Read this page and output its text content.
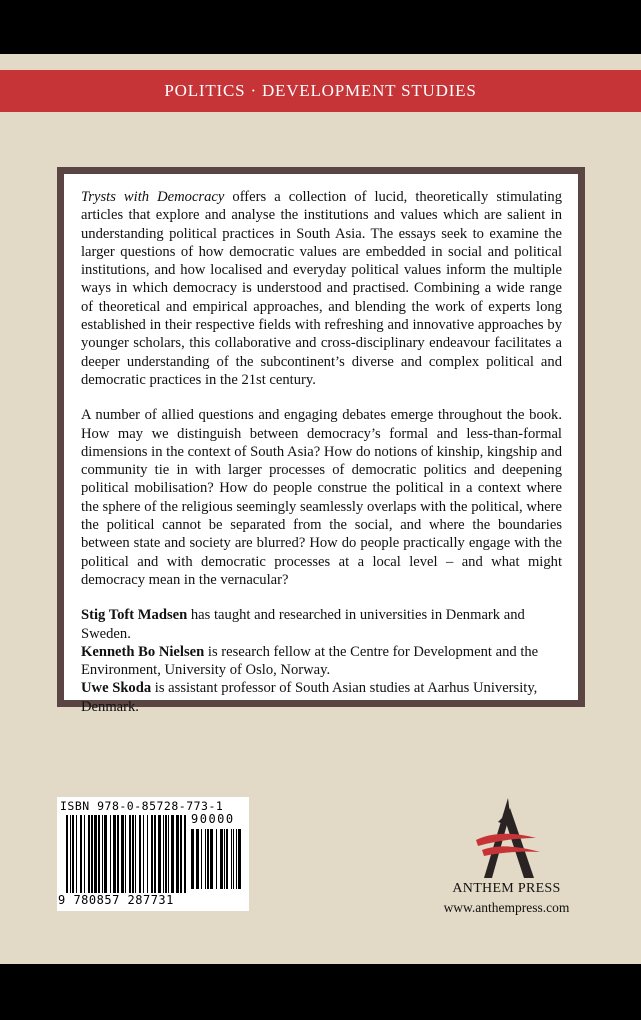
POLITICS · DEVELOPMENT STUDIES

Trysts with Democracy offers a collection of lucid, theoretically stimulating articles that explore and analyse the institutions and values which are salient in understanding political practices in South Asia. The essays seek to examine the larger questions of how democratic values are embedded in social and political institutions, and how localised and everyday political values inform the multiple ways in which democracy is understood and practised. Combining a wide range of theoretical and empirical approaches, and blending the work of experts long established in their respective fields with refreshing and innovative approaches by younger scholars, this collaborative and cross-disciplinary endeavour facilitates a deeper understanding of the subcontinent’s diverse and complex political and democratic practices in the 21st century.

A number of allied questions and engaging debates emerge throughout the book. How may we distinguish between democracy’s formal and less-than-formal dimensions in the context of South Asia? How do notions of kinship, kingship and community tie in with larger processes of democratic politics and deepening political mobilisation? How do people construe the political in a context where the sphere of the religious seemingly seamlessly overlaps with the political, where the political cannot be separated from the social, and where the boundaries between state and society are blurred? How do people practically engage with the political and with democratic processes at a local level – and what might democracy mean in the vernacular?

Stig Toft Madsen has taught and researched in universities in Denmark and Sweden.

Kenneth Bo Nielsen is research fellow at the Centre for Development and the Environment, University of Oslo, Norway.

Uwe Skoda is assistant professor of South Asian studies at Aarhus University, Denmark.

ISBN 978-0-85728-773-1
90000
9 780857 287731
ANTHEM PRESS
www.anthempress.com
